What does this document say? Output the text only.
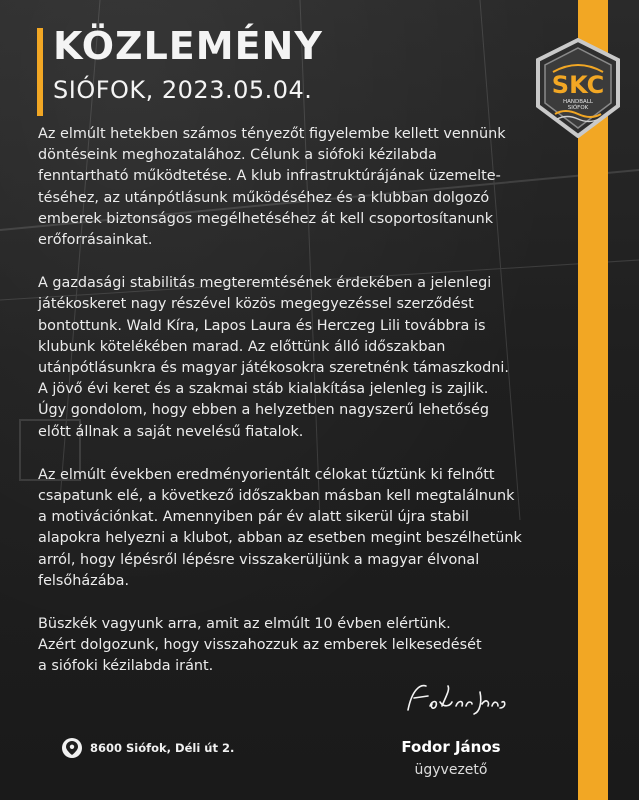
KÖZLEMÉNY
SIÓFOK, 2023.05.04.	SKC
HANDBALL
SIÓFOK

Az elmúlt hetekben számos tényezőt figyelembe kellett vennünk
döntéseink meghozatalához. Célunk a siófoki kézilabda
fenntartható működtetése. A klub infrastruktúrájának üzemelte-
téséhez, az utánpótlásunk működéséhez és a klubban dolgozó
emberek biztonságos megélhetéséhez át kell csoportosítanunk
erőforrásainkat.

A gazdasági stabilitás megteremtésének érdekében a jelenlegi
játékoskeret nagy részével közös megegyezéssel szerződést
bontottunk. Wald Kíra, Lapos Laura és Herczeg Lili továbbra is
klubunk kötelékében marad. Az előttünk álló időszakban
utánpótlásunkra és magyar játékosokra szeretnénk támaszkodni.
A jövő évi keret és a szakmai stáb kialakítása jelenleg is zajlik.
Úgy gondolom, hogy ebben a helyzetben nagyszerű lehetőség
előtt állnak a saját nevelésű fiatalok.

Az elmúlt években eredményorientált célokat tűztünk ki felnőtt
csapatunk elé, a következő időszakban másban kell megtalálnunk
a motivációnkat. Amennyiben pár év alatt sikerül újra stabil
alapokra helyezni a klubot, abban az esetben megint beszélhetünk
arról, hogy lépésről lépésre visszakerüljünk a magyar élvonal
felsőházába.

Büszkék vagyunk arra, amit az elmúlt 10 évben elértünk.
Azért dolgozunk, hogy visszahozzuk az emberek lelkesedését
a siófoki kézilabda iránt.

Fodor János
ügyvezető
8600 Siófok, Déli út 2.
